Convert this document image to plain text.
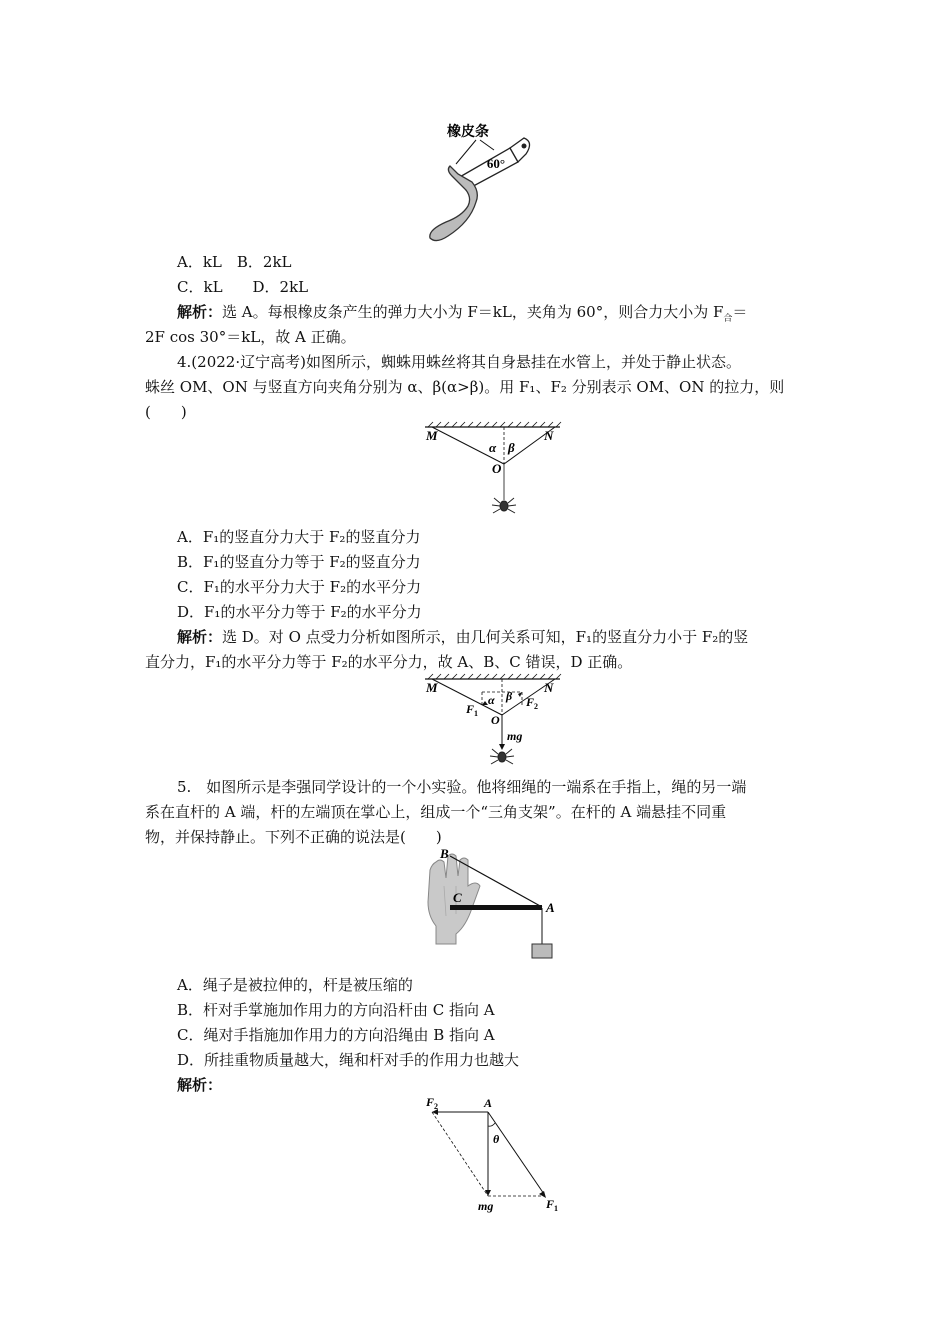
橡皮条
60°
A．kL　B．2kL
C．kL　　D．2kL
解析：选 A。每根橡皮条产生的弹力大小为 F＝kL，夹角为 60°，则合力大小为 $F_合=$
2F cos 30°＝kL，故 A 正确。
4.(2022·辽宁高考)如图所示，蜘蛛用蛛丝将其自身悬挂在水管上，并处于静止状态。
蛛丝 OM、ON 与竖直方向夹角分别为 α、β(α>β)。用 F₁、F₂ 分别表示 OM、ON 的拉力，则
(　　)
M	N
α β
O
A．F₁的竖直分力大于 F₂的竖直分力
B．F₁的竖直分力等于 F₂的竖直分力
C．F₁的水平分力大于 F₂的水平分力
D．F₁的水平分力等于 F₂的水平分力
解析：选 D。对 O 点受力分析如图所示，由几何关系可知，F₁的竖直分力小于 F₂的竖
直分力，F₁的水平分力等于 F₂的水平分力，故 A、B、C 错误，D 正确。
M	N
α β
$F_1$
$F_2$
O
mg
5.　如图所示是李强同学设计的一个小实验。他将细绳的一端系在手指上，绳的另一端
系在直杆的 A 端，杆的左端顶在掌心上，组成一个“三角支架”。在杆的 A 端悬挂不同重
物，并保持静止。下列不正确的说法是(　　)
B
C
A
A．绳子是被拉伸的，杆是被压缩的
B．杆对手掌施加作用力的方向沿杆由 C 指向 A
C．绳对手指施加作用力的方向沿绳由 B 指向 A
D．所挂重物质量越大，绳和杆对手的作用力也越大
解析：
$F_2$	A
θ
mg	$F_1$
